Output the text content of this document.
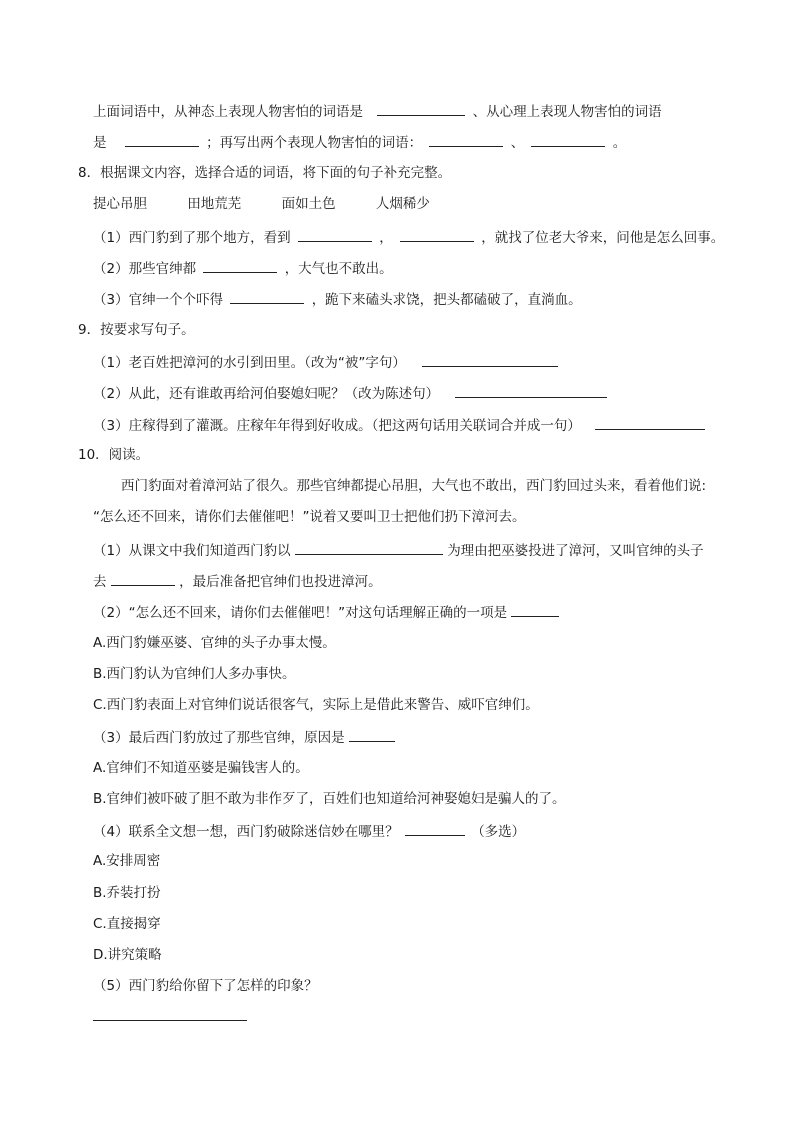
上面词语中，从神态上表现人物害怕的词语是	、从心理上表现人物害怕的词语
是	；再写出两个表现人物害怕的词语：	、	。
8．根据课文内容，选择合适的词语，将下面的句子补充完整。
提心吊胆	田地荒芜	面如土色	人烟稀少
（1）西门豹到了那个地方，看到	，	，就找了位老大爷来，问他是怎么回事。
（2）那些官绅都	，大气也不敢出。
（3）官绅一个个吓得	，跪下来磕头求饶，把头都磕破了，直淌血。
9．按要求写句子。
（1）老百姓把漳河的水引到田里。（改为“被”字句）
（2）从此，还有谁敢再给河伯娶媳妇呢？（改为陈述句）
（3）庄稼得到了灌溉。庄稼年年得到好收成。（把这两句话用关联词合并成一句）
10．阅读。
西门豹面对着漳河站了很久。那些官绅都提心吊胆，大气也不敢出，西门豹回过头来，看着他们说:
“怎么还不回来，请你们去催催吧！”说着又要叫卫士把他们扔下漳河去。
（1）从课文中我们知道西门豹以	为理由把巫婆投进了漳河，又叫官绅的头子
去	，最后准备把官绅们也投进漳河。
（2）“怎么还不回来，请你们去催催吧！”对这句话理解正确的一项是
A.西门豹嫌巫婆、官绅的头子办事太慢。
B.西门豹认为官绅们人多办事快。
C.西门豹表面上对官绅们说话很客气，实际上是借此来警告、威吓官绅们。
（3）最后西门豹放过了那些官绅，原因是
A.官绅们不知道巫婆是骗钱害人的。
B.官绅们被吓破了胆不敢为非作歹了，百姓们也知道给河神娶媳妇是骗人的了。
（4）联系全文想一想，西门豹破除迷信妙在哪里？	（多选）
A.安排周密
B.乔装打扮
C.直接揭穿
D.讲究策略
（5）西门豹给你留下了怎样的印象？
